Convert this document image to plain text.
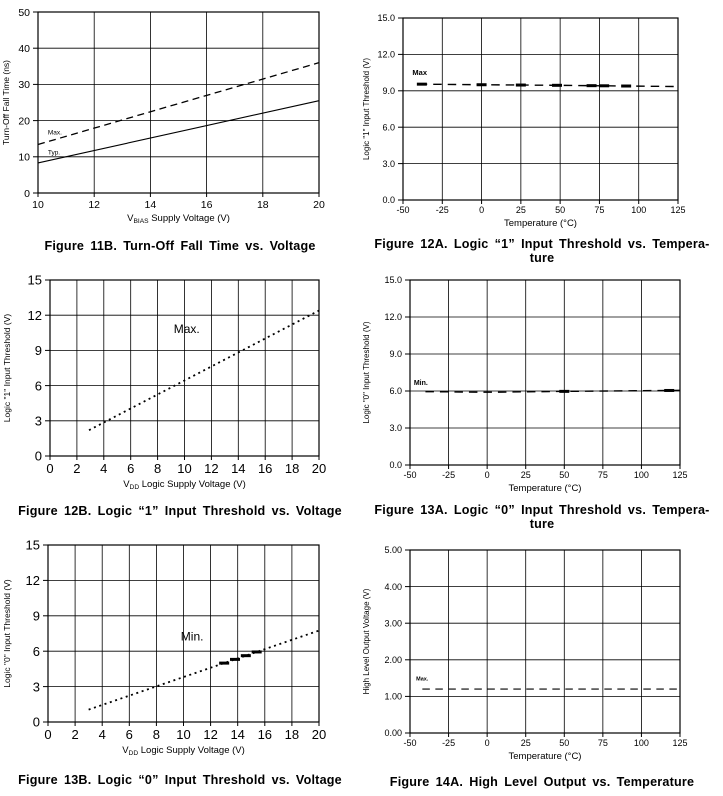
10	12	14	16	18	20
0
10
20
30
40
50
$V_{BIAS}$ Supply Voltage (V)
Turn-Off Fall Time (ns)	Max.
Typ.
Figure 11B. Turn-Off Fall Time vs. Voltage
-50	-25	0	25	50	75	100	125
0.0
3.0
6.0
9.0
12.0
15.0
Temperature (°C)
Logic "1" Input Threshold (V)	Max
Figure 12A. Logic “1” Input Threshold vs. Tempera-
ture
0 2 4 6 8 10 12 14 16 18 20
0
3
6
9
12
15
$V_{DD}$ Logic Supply Voltage (V)
Logic "1" Input Threshold (V)	Max.
Figure 12B. Logic “1” Input Threshold vs. Voltage
-50	-25	0	25	50	75	100	125
0.0
3.0
6.0
9.0
12.0
15.0
Temperature (°C)
Logic "0" Input Threshold (V)	Min.
Figure 13A. Logic “0” Input Threshold vs. Tempera-
ture
0 2 4 6 8 10 12 14 16 18 20
0
3
6
9
12
15
$V_{DD}$ Logic Supply Voltage (V)
Logic "0" Input Threshold (V)	Min.
Figure 13B. Logic “0” Input Threshold vs. Voltage
-50	-25	0	25	50	75	100	125
0.00
1.00
2.00
3.00
4.00
5.00
Temperature (°C)
High Level Output Voltage (V)	Max.
Figure 14A. High Level Output vs. Temperature
